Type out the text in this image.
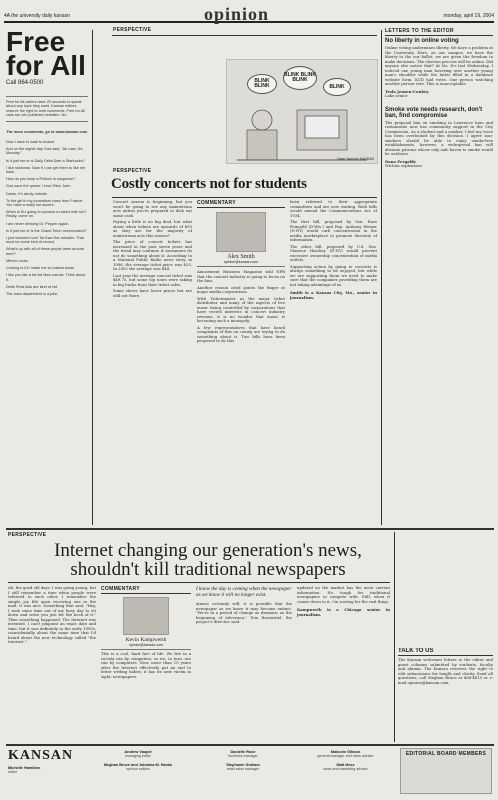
4A the university daily kansan	opinion	monday, april 19, 2004
Free for All
Call 864-0500
Free for All callers have 20 seconds to speak about any topic they want. Kansan editors reserve the right to omit comments. Free for All calls are not published verbatim. No
For more comments, go to www.kansan.com
Now I have to walk to lecture
And on the eighth day God said, "Ah man, it's Monday."
Is it just me or is Daily Della Dale a Starbucks?
I like rainbows. Now if I can get them to like me back.
How do you keep a Pollock in suspense?
God save the queen. I love Elton John.
Damn, it's windy outside.
To the girl in my journalism class from France: You have a really hot accent.
When is KU going to sponsor a naked mile run? Really, come on.
I am never drinking Dr. Pepper again.
Is it just me or is the Grand Teton overcrowded?
I just smoked more Tar than five minutes. That must be some kind of record.
What's up with all of these purple trees around here?
Mhmm rocks.
Coming to KU made me so instant Asian.
I like you like a fat kid likes carrots. Think about it.
Della Terra kids are kind of hot.
The main department is a joke.
PERSPECTIVE
BLINK BLINK
BLINK BLINK BLINK
BLINK
Dave Tach for KANSAN
PERSPECTIVE
Costly concerts not for students
Concert season is beginning, but you won't be going to see any mainstream acts unless you're prepared to dish out some cash.
Paying a little is no big deal, but what about when tickets are upwards of $55 as they are for the majority of mainstream acts this season?
The price of concert tickets has increased in the past seven years and the trend may continue if consumers do not do something about it. According to a National Public Radio news story, in 1996, the average ticket price was $25. In 2002 the average was $44.
Last year the average concert ticket was $49.75, but some top tours were taking in big bucks from their ticket sales.
Some shows have lower prices but are still out there.
COMMENTARY
Alex Smith
opinion@kansan.com
Amusement Business Magazine told NPR that the concert industry is going to focus on the fans.
Another reason cited points the finger at major media corporations.
With Ticketmaster as the major ticket distributor and many of the aspects of live music being controlled by corporations that have vested interests in concert industry revenue, it is no wonder that music is becoming such a monopoly.
A few representatives that have heard complaints of this on county are trying to do something about it. Two bills have been proposed to do this.
been referred to their appropriate committees and are now waiting. Both bills would amend the Communications Act of 1934.
The first bill, proposed by Sen. Russ Feingold (D-Wis.) and Rep. Anthony Weiner (D-NY) would curb concentration in the media marketplace to promote diversity of information.
The other bill, proposed by U.S. Sen. Maurice Hinchey (D-NY) would prevent excessive ownership concentration of media outlets.
Supporting action by going to concerts is always something to be enjoyed, but while we are supporting them we need to make sure that the companies providing them are not taking advantage of us.
Smith is a Kansas City, Mo., senior in journalism.
LETTERS TO THE EDITOR
No liberty in online voting
Online voting undermines liberty. We have a problem at the University. Here, on our campus, we have the liberty to the our ballot, we are given the freedom to make decisions. The election process will be online. Did anyone else notice that? At No. It's last Wednesday, I noticed one young man hovering over another young man's shoulder while the latter filled in a database website form. KUD had votes. One person watching another person vote. This is unacceptable.
Tesla Jensen-Conkey
Lake senior
Smoke vote needs research, don't ban, find compromise
The proposal ban on smoking in Lawrence bars and restaurants now has community support in the City Commission. As a student and a smoker, I feel my voice has been overlooked by this decision. I agree non-smokers should be able to enjoy smoke-free establishments, however, a widespread ban will alienate patrons whose only safe haven to smoke would be outdoors.
Dana Pergaldy
Wichita sophomore
PERSPECTIVE
Internet changing our generation's news, shouldn't kill traditional newspapers
Ah, the good old days. I was going young, but I still remember a time when people were tethered to each other. I remember the simple joy felt upon receiving one in the mail. It was nice. Something that said, "Hey, I took some time out of my busy day to sit down and write you just for the heck of it." Then something happened. The Internet was invented. I can't pinpoint an exact date and time, but it was definitely in the early 1990s, coincidentally about the same time that I'd heard about the new technology called "the Internet."
COMMENTARY
Kevin Kampwerth
opinion@kansan.com
This is a cool, hard fact of life. We live in a society run by computers, so we, in turn, are run by computers. Now, more than 10 years after the Internet effectively put an end to letter writing habits, it has its next victim in sight: newspapers.
I know the day is coming when the newspaper as we know it will no longer exist.
almost certainly will, it is possible that the newspaper as we know it may become extinct. "We're in a period of change as dramatic as the beginning of television," Tom Rosenstiel, the project's director, said.
updated on the market has the most current information. It's tough for traditional newspapers to compete with. Still, when it comes down to it, I'm rooting for the real thing.
Kampwerth is a Chicago senior in journalism.
TALK TO US
The Kansan welcomes letters to the editor and guest columns submitted by students, faculty and alumni. The Kansan reserves the right to edit submissions for length and clarity. Send all questions, call Meghan Bruce at 864-4810 or e-mail opinion@kansan.com.
KANSAN
Michelle Hamilton
editor
Andrew Vaupel
managing editor
Meghan Bruce and Johanna M. Hanks
opinion editors
Danielle Rose
business manager
Stephanie Graham
retail sales manager
Malcolm Gibson
general manager and news adviser
Matt Hess
sales and marketing adviser
EDITORIAL BOARD MEMBERS
